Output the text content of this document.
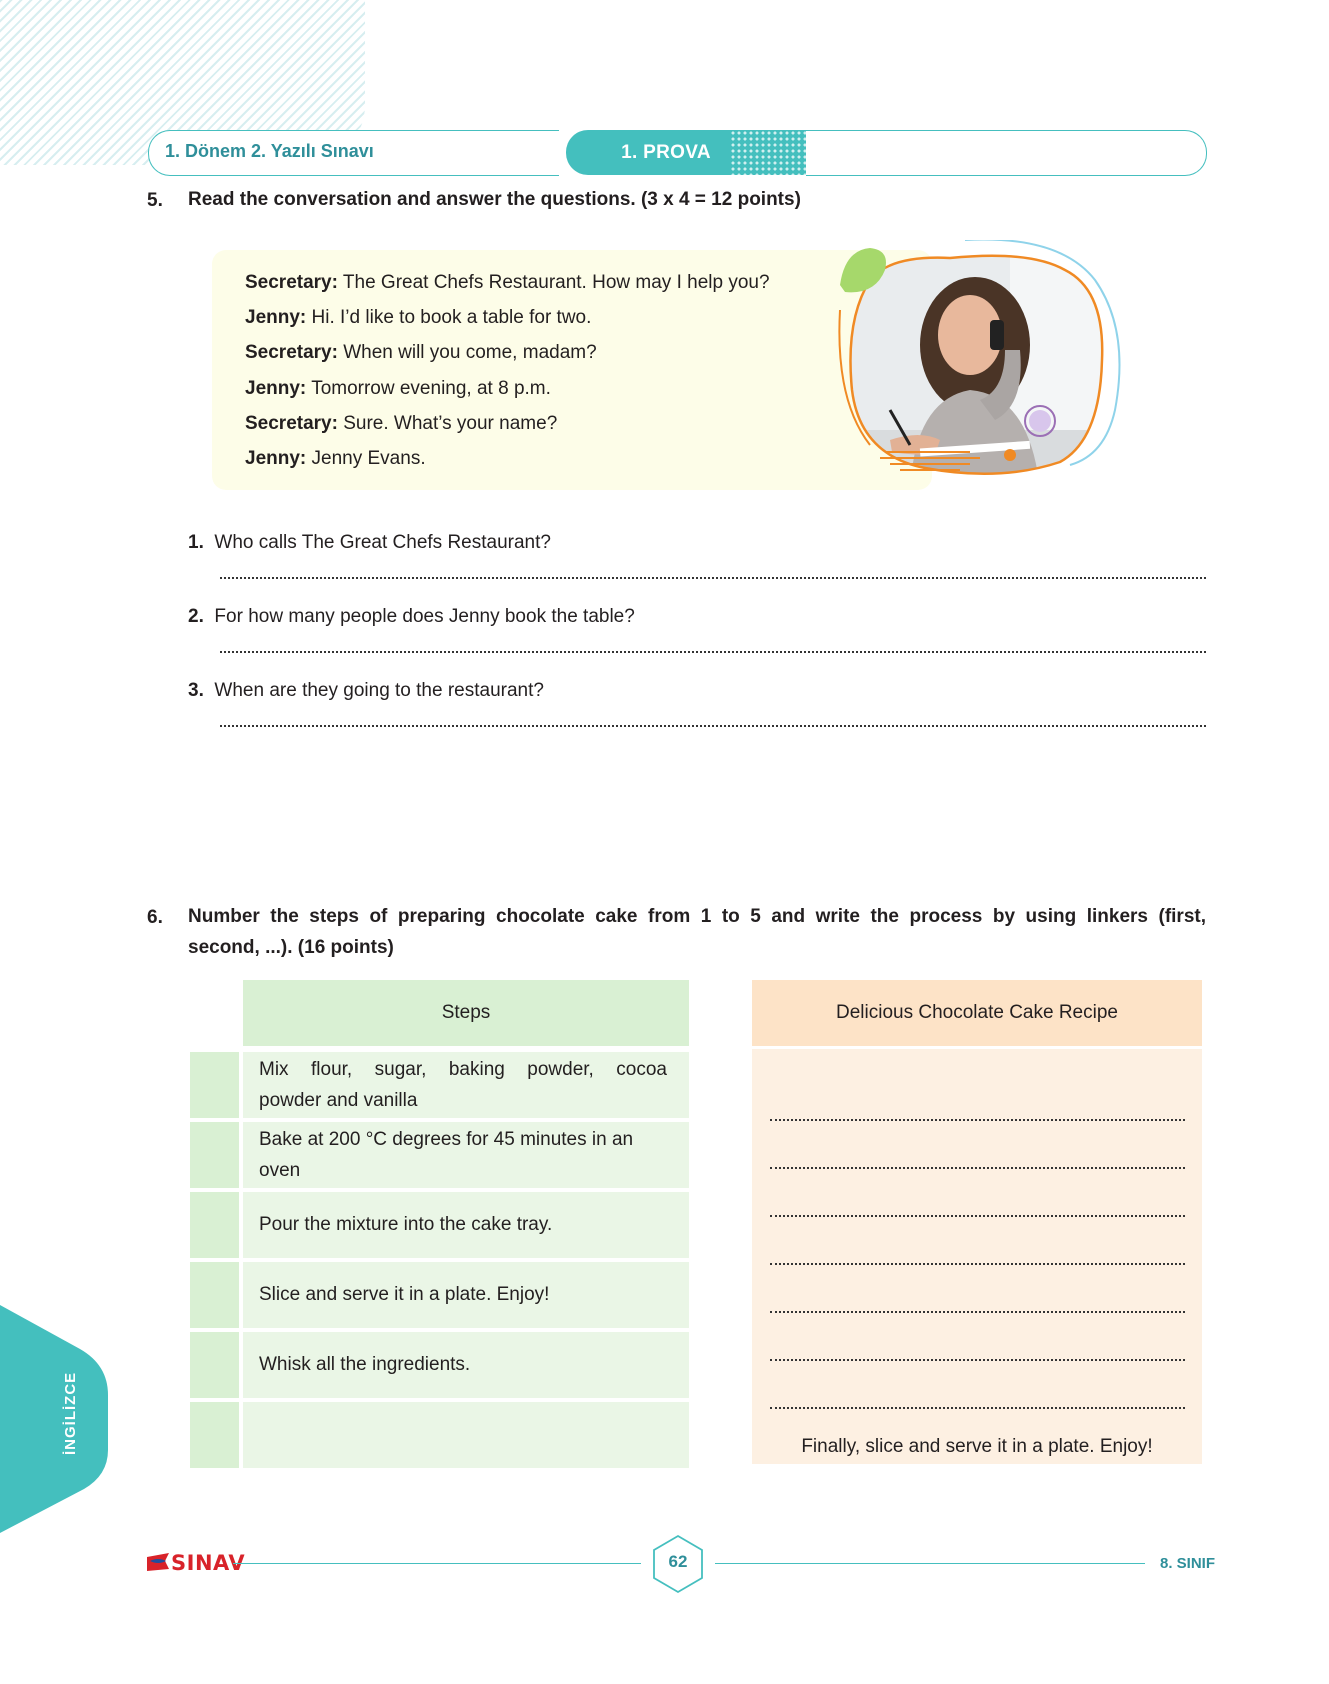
1. Dönem 2. Yazılı Sınavı	1. PROVA
5. Read the conversation and answer the questions. (3 x 4 = 12 points)
Secretary: The Great Chefs Restaurant. How may I help you?
Jenny: Hi. I’d like to book a table for two.
Secretary: When will you come, madam?
Jenny: Tomorrow evening, at 8 p.m.
Secretary: Sure. What’s your name?
Jenny: Jenny Evans.
1. Who calls The Great Chefs Restaurant?
2. For how many people does Jenny book the table?
3. When are they going to the restaurant?
6. Number the steps of preparing chocolate cake from 1 to 5 and write the process by using linkers (first,
second, ...). (16 points)
Steps
Mix flour, sugar, baking powder, cocoa
powder and vanilla
Bake at 200 °C degrees for 45 minutes in an
oven
Pour the mixture into the cake tray.
Slice and serve it in a plate. Enjoy!
Whisk all the ingredients.
Delicious Chocolate Cake Recipe
Finally, slice and serve it in a plate. Enjoy!
İNGİLİZCE
SINAV	62	8. SINIF
